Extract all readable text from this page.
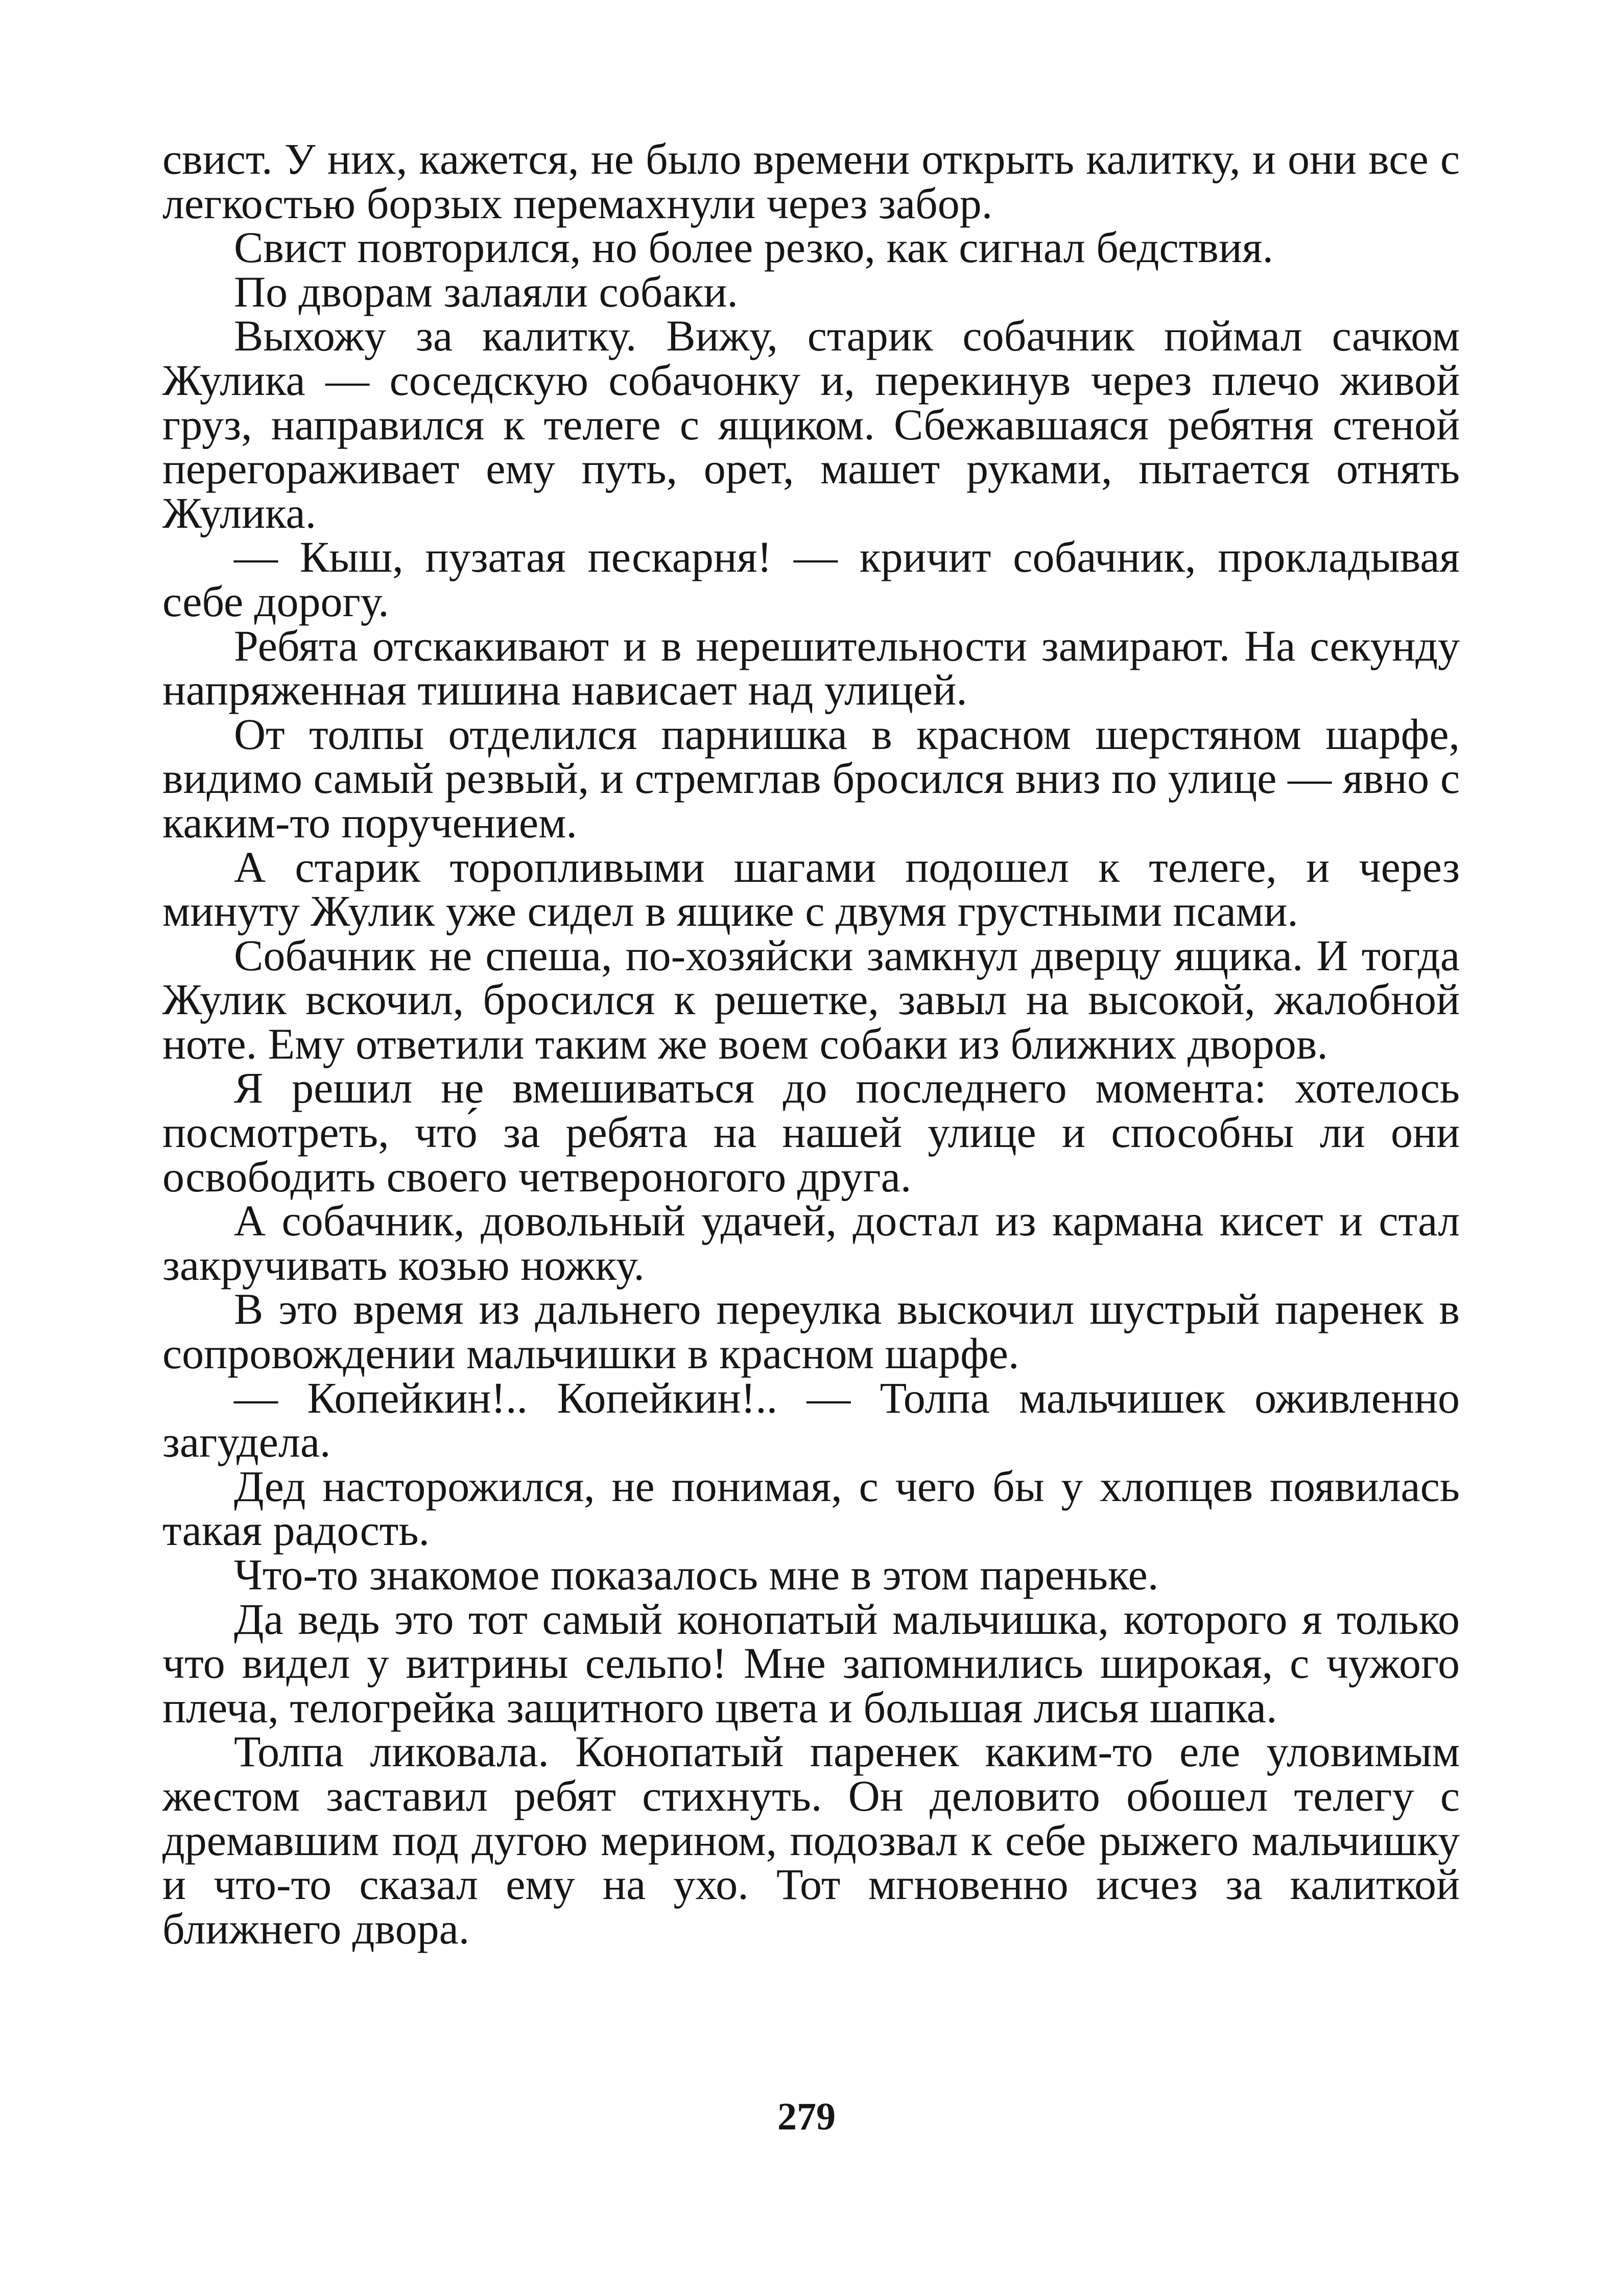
свист. У них, кажется, не было времени открыть калитку, и они все с легкостью борзых перемахнули через забор.

Свист повторился, но более резко, как сигнал бедствия.

По дворам залаяли собаки.

Выхожу за калитку. Вижу, старик собачник поймал сачком Жулика — соседскую собачонку и, перекинув через плечо живой груз, направился к телеге с ящиком. Сбежавшаяся ребятня стеной перегораживает ему путь, орет, машет руками, пытается отнять Жулика.

— Кыш, пузатая пескарня! — кричит собачник, прокладывая себе дорогу.

Ребята отскакивают и в нерешительности замирают. На секунду напряженная тишина нависает над улицей.

От толпы отделился парнишка в красном шерстяном шарфе, видимо самый резвый, и стремглав бросился вниз по улице — явно с каким-то поручением.

А старик торопливыми шагами подошел к телеге, и через минуту Жулик уже сидел в ящике с двумя грустными псами.

Собачник не спеша, по-хозяйски замкнул дверцу ящика. И тогда Жулик вскочил, бросился к решетке, завыл на высокой, жалобной ноте. Ему ответили таким же воем собаки из ближних дворов.

Я решил не вмешиваться до последнего момента: хотелось посмотреть, что́ за ребята на нашей улице и способны ли они освободить своего четвероногого друга.

А собачник, довольный удачей, достал из кармана кисет и стал закручивать козью ножку.

В это время из дальнего переулка выскочил шустрый паренек в сопровождении мальчишки в красном шарфе.

— Копейкин!.. Копейкин!.. — Толпа мальчишек оживленно загудела.

Дед насторожился, не понимая, с чего бы у хлопцев появилась такая радость.

Что-то знакомое показалось мне в этом пареньке.

Да ведь это тот самый конопатый мальчишка, которого я только что видел у витрины сельпо! Мне запомнились широкая, с чужого плеча, телогрейка защитного цвета и большая лисья шапка.

Толпа ликовала. Конопатый паренек каким-то еле уловимым жестом заставил ребят стихнуть. Он деловито обошел телегу с дремавшим под дугою мерином, подозвал к себе рыжего мальчишку и что-то сказал ему на ухо. Тот мгновенно исчез за калиткой ближнего двора.

279
